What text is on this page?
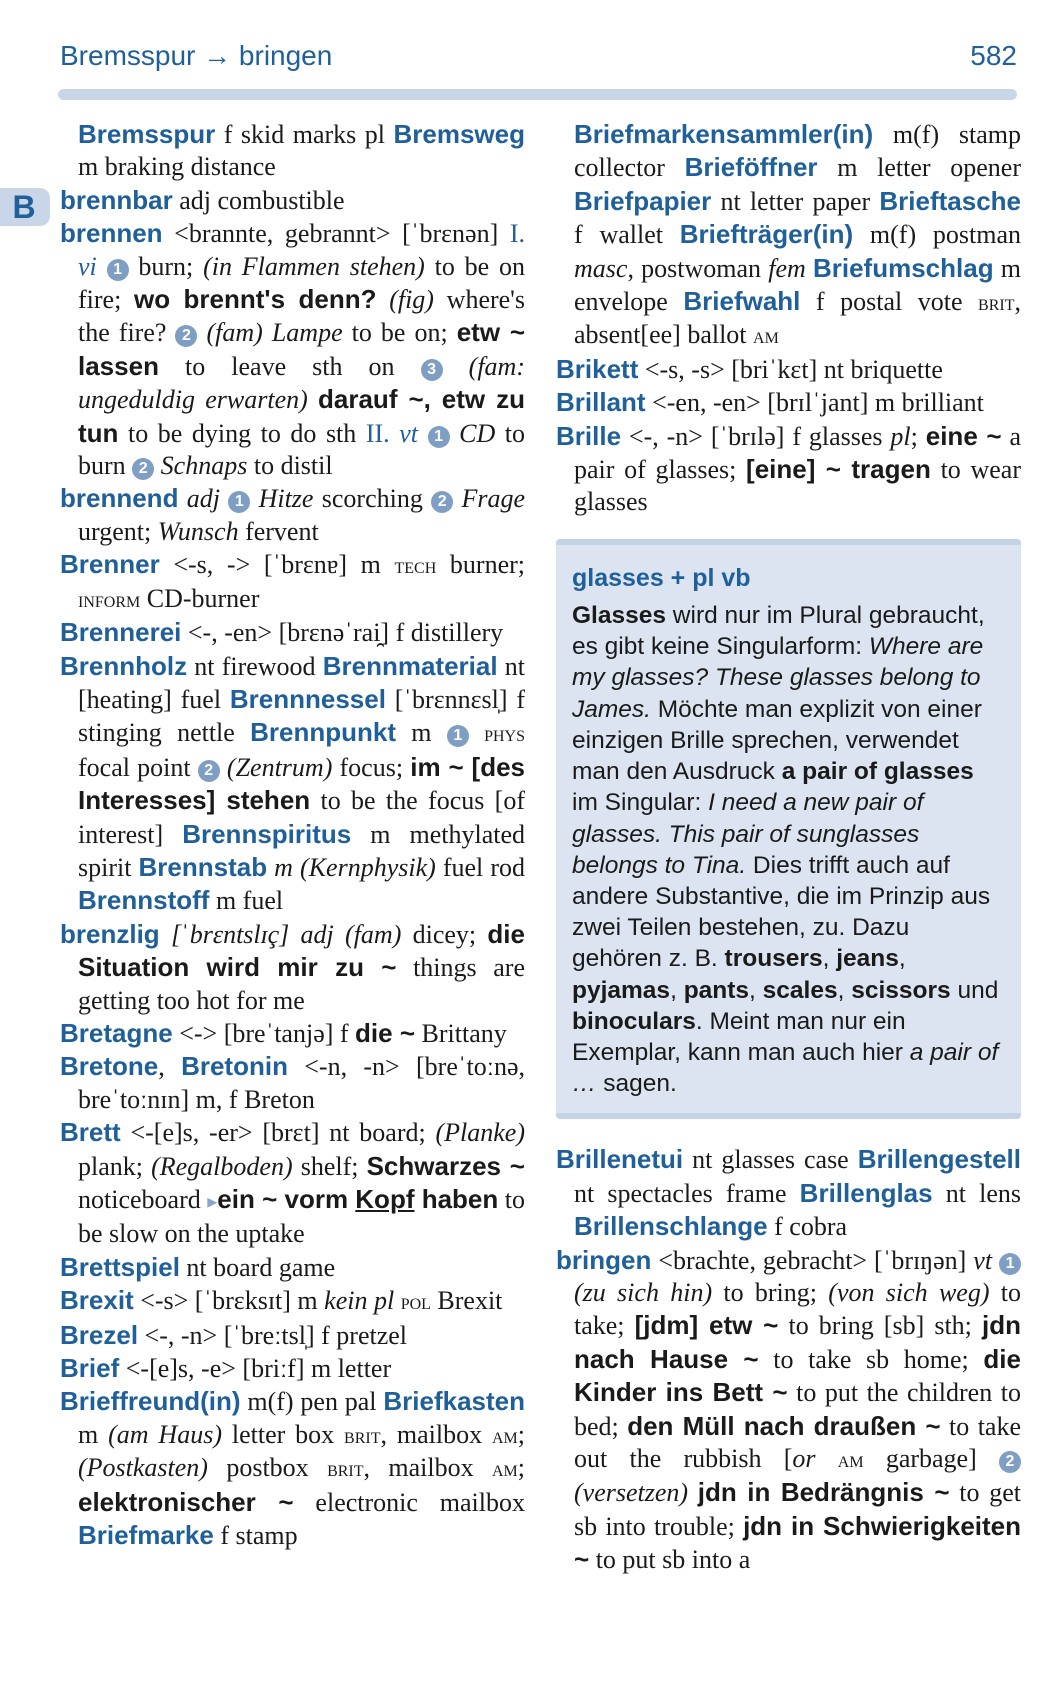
Bremsspur → bringen	582
B

Bremsspur f skid marks pl Bremsweg m braking distance

brennbar adj combustible

brennen <brannte, gebrannt> [ˈbrɛnən] I. vi 1 burn; (in Flammen stehen) to be on fire; wo brennt's denn? (fig) where's the fire? 2 (fam) Lampe to be on; etw ~ lassen to leave sth on 3 (fam: ungeduldig erwarten) darauf ~, etw zu tun to be dying to do sth II. vt 1 CD to burn 2 Schnaps to distil

brennend adj 1 Hitze scorching 2 Frage urgent; Wunsch fervent

Brenner <-s, -> [ˈbrɛnɐ] m tech burner; inform CD-burner

Brennerei <-, -en> [brɛnəˈrai̯] f distillery

Brennholz nt firewood Brennmaterial nt [heating] fuel Brennnessel [ˈbrɛnnɛsl̩] f stinging nettle Brennpunkt m 1 phys focal point 2 (Zentrum) focus; im ~ [des Interesses] stehen to be the focus [of interest] Brennspiritus m methylated spirit Brennstab m (Kernphysik) fuel rod Brennstoff m fuel

brenzlig [ˈbrɛntslɪç] adj (fam) dicey; die Situation wird mir zu ~ things are getting too hot for me

Bretagne <-> [breˈtanjə] f die ~ Brittany

Bretone, Bretonin <-n, -n> [breˈtoːnə, breˈtoːnɪn] m, f Breton

Brett <-[e]s, -er> [brɛt] nt board; (Planke) plank; (Regalboden) shelf; Schwarzes ~ noticeboard ▸ein ~ vorm Kopf haben to be slow on the uptake

Brettspiel nt board game

Brexit <-s> [ˈbrɛksɪt] m kein pl pol Brexit

Brezel <-, -n> [ˈbreːtsl̩] f pretzel

Brief <-[e]s, -e> [briːf] m letter

Brieffreund(in) m(f) pen pal Briefkasten m (am Haus) letter box brit, mailbox am; (Postkasten) postbox brit, mailbox am; elektronischer ~ electronic mailbox Briefmarke f stamp

Briefmarkensammler(in) m(f) stamp collector Brieföffner m letter opener Briefpapier nt letter paper Brieftasche f wallet Briefträger(in) m(f) postman masc, postwoman fem Briefumschlag m envelope Briefwahl f postal vote brit, absent[ee] ballot am

Brikett <-s, -s> [briˈkɛt] nt briquette

Brillant <-en, -en> [brɪlˈjant] m brilliant

Brille <-, -n> [ˈbrɪlə] f glasses pl; eine ~ a pair of glasses; [eine] ~ tragen to wear glasses

glasses + pl vb
Glasses wird nur im Plural gebraucht, es gibt keine Singularform: Where are my glasses? These glasses belong to James. Möchte man explizit von einer einzigen Brille sprechen, verwendet man den Ausdruck a pair of glasses im Singular: I need a new pair of glasses. This pair of sunglasses belongs to Tina. Dies trifft auch auf andere Substantive, die im Prinzip aus zwei Teilen bestehen, zu. Dazu gehören z. B. trousers, jeans, pyjamas, pants, scales, scissors und binoculars. Meint man nur ein Exemplar, kann man auch hier a pair of … sagen.

Brillenetui nt glasses case Brillengestell nt spectacles frame Brillenglas nt lens Brillenschlange f cobra

bringen <brachte, gebracht> [ˈbrɪŋən] vt 1 (zu sich hin) to bring; (von sich weg) to take; [jdm] etw ~ to bring [sb] sth; jdn nach Hause ~ to take sb home; die Kinder ins Bett ~ to put the children to bed; den Müll nach draußen ~ to take out the rubbish [or am garbage] 2 (versetzen) jdn in Bedrängnis ~ to get sb into trouble; jdn in Schwierigkeiten ~ to put sb into a
